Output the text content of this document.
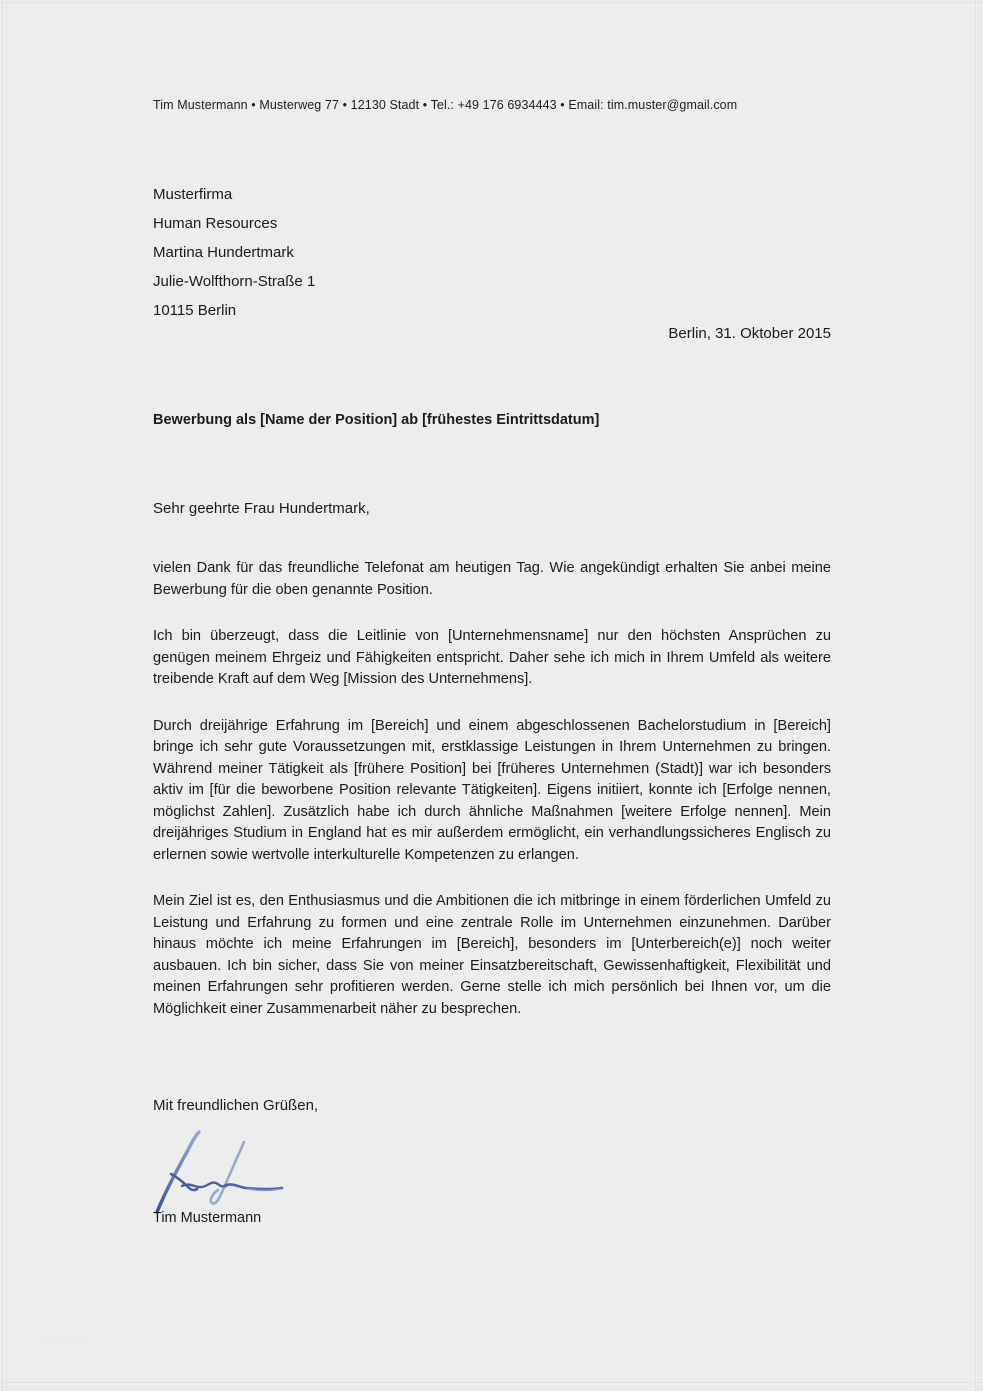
Tim Mustermann • Musterweg 77 • 12130 Stadt • Tel.: +49 176 6934443 • Email: tim.muster@gmail.com
Musterfirma
Human Resources
Martina Hundertmark
Julie-Wolfthorn-Straße 1
10115 Berlin
Berlin, 31. Oktober 2015
Bewerbung als [Name der Position] ab [frühestes Eintrittsdatum]
Sehr geehrte Frau Hundertmark,

vielen Dank für das freundliche Telefonat am heutigen Tag. Wie angekündigt erhalten Sie anbei meine Bewerbung für die oben genannte Position.

Ich bin überzeugt, dass die Leitlinie von [Unternehmensname] nur den höchsten Ansprüchen zu genügen meinem Ehrgeiz und Fähigkeiten entspricht. Daher sehe ich mich in Ihrem Umfeld als weitere treibende Kraft auf dem Weg [Mission des Unternehmens].

Durch dreijährige Erfahrung im [Bereich] und einem abgeschlossenen Bachelorstudium in [Bereich] bringe ich sehr gute Voraussetzungen mit, erstklassige Leistungen in Ihrem Unternehmen zu bringen. Während meiner Tätigkeit als [frühere Position] bei [früheres Unternehmen (Stadt)] war ich besonders aktiv im [für die beworbene Position relevante Tätigkeiten]. Eigens initiiert, konnte ich [Erfolge nennen, möglichst Zahlen]. Zusätzlich habe ich durch ähnliche Maßnahmen [weitere Erfolge nennen]. Mein dreijähriges Studium in England hat es mir außerdem ermöglicht, ein verhandlungssicheres Englisch zu erlernen sowie wertvolle interkulturelle Kompetenzen zu erlangen.

Mein Ziel ist es, den Enthusiasmus und die Ambitionen die ich mitbringe in einem förderlichen Umfeld zu Leistung und Erfahrung zu formen und eine zentrale Rolle im Unternehmen einzunehmen. Darüber hinaus möchte ich meine Erfahrungen im [Bereich], besonders im [Unterbereich(e)] noch weiter ausbauen. Ich bin sicher, dass Sie von meiner Einsatzbereitschaft, Gewissenhaftigkeit, Flexibilität und meinen Erfahrungen sehr profitieren werden. Gerne stelle ich mich persönlich bei Ihnen vor, um die Möglichkeit einer Zusammenarbeit näher zu besprechen.

Mit freundlichen Grüßen,
Tim Mustermann
lepaob
